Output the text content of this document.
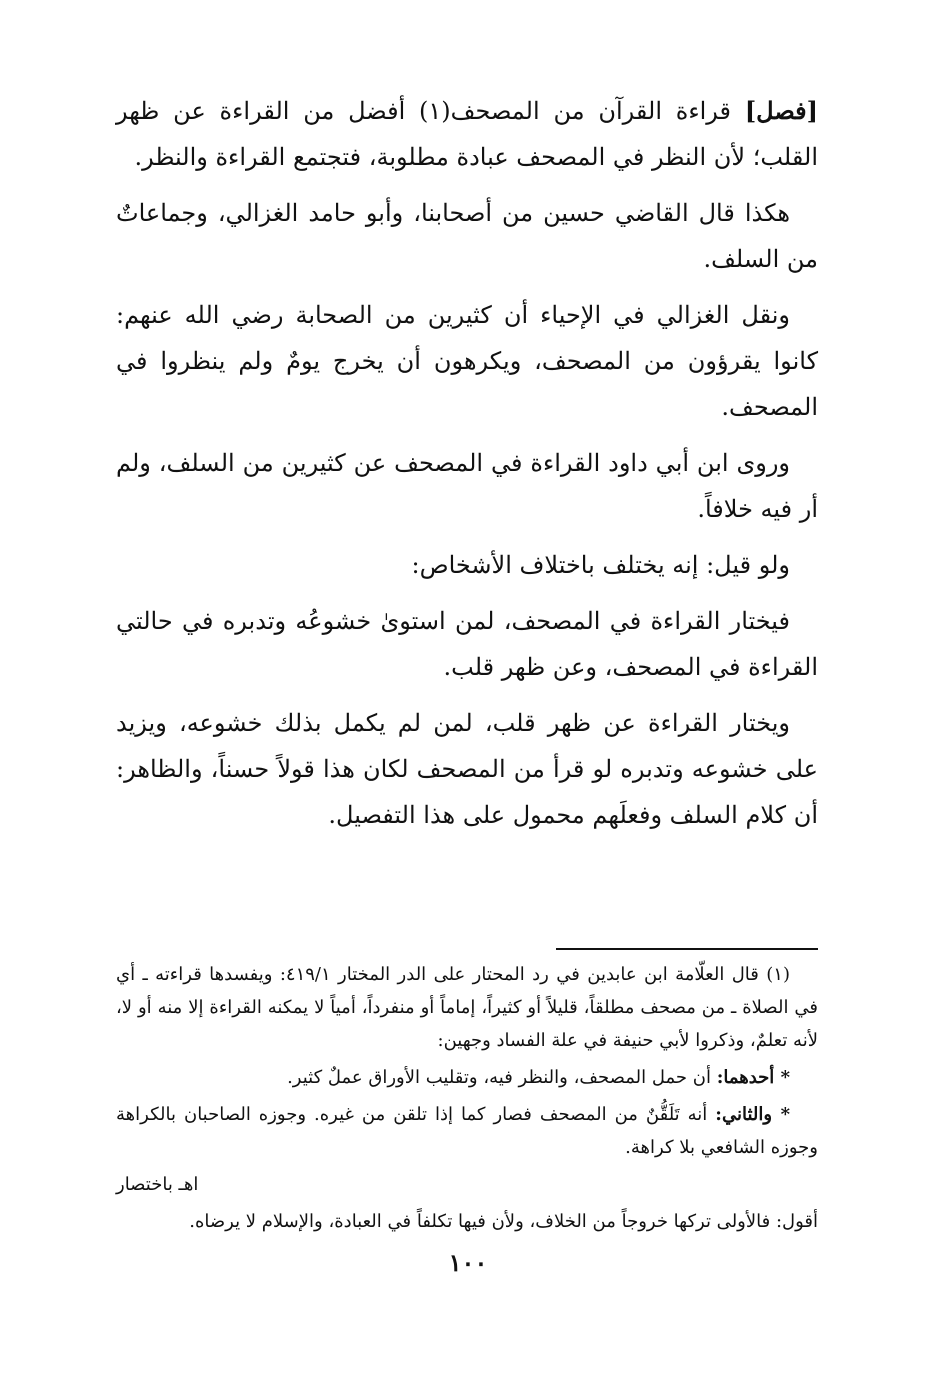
[فصل] قراءة القرآن من المصحف(١) أفضل من القراءة عن ظهر القلب؛ لأن النظر في المصحف عبادة مطلوبة، فتجتمع القراءة والنظر.

هكذا قال القاضي حسين من أصحابنا، وأبو حامد الغزالي، وجماعاتٌ من السلف.

ونقل الغزالي في الإحياء أن كثيرين من الصحابة رضي الله عنهم: كانوا يقرؤون من المصحف، ويكرهون أن يخرج يومٌ ولم ينظروا في المصحف.

وروى ابن أبي داود القراءة في المصحف عن كثيرين من السلف، ولم أر فيه خلافاً.

ولو قيل: إنه يختلف باختلاف الأشخاص:

فيختار القراءة في المصحف، لمن استوىٰ خشوعُه وتدبره في حالتي القراءة في المصحف، وعن ظهر قلب.

ويختار القراءة عن ظهر قلب، لمن لم يكمل بذلك خشوعه، ويزيد على خشوعه وتدبره لو قرأ من المصحف لكان هذا قولاً حسناً، والظاهر: أن كلام السلف وفعلَهم محمول على هذا التفصيل.

(١) قال العلّامة ابن عابدين في رد المحتار على الدر المختار ٤١٩/١: ويفسدها قراءته ـ أي في الصلاة ـ من مصحف مطلقاً، قليلاً أو كثيراً، إماماً أو منفرداً، أمياً لا يمكنه القراءة إلا منه أو لا، لأنه تعلمٌ، وذكروا لأبي حنيفة في علة الفساد وجهين:

* أحدهما: أن حمل المصحف، والنظر فيه، وتقليب الأوراق عملٌ كثير.

* والثاني: أنه تَلَقُّنٌ من المصحف فصار كما إذا تلقن من غيره. وجوزه الصاحبان بالكراهة وجوزه الشافعي بلا كراهة.

اهـ باختصار

أقول: فالأولى تركها خروجاً من الخلاف، ولأن فيها تكلفاً في العبادة، والإسلام لا يرضاه.

١٠٠
